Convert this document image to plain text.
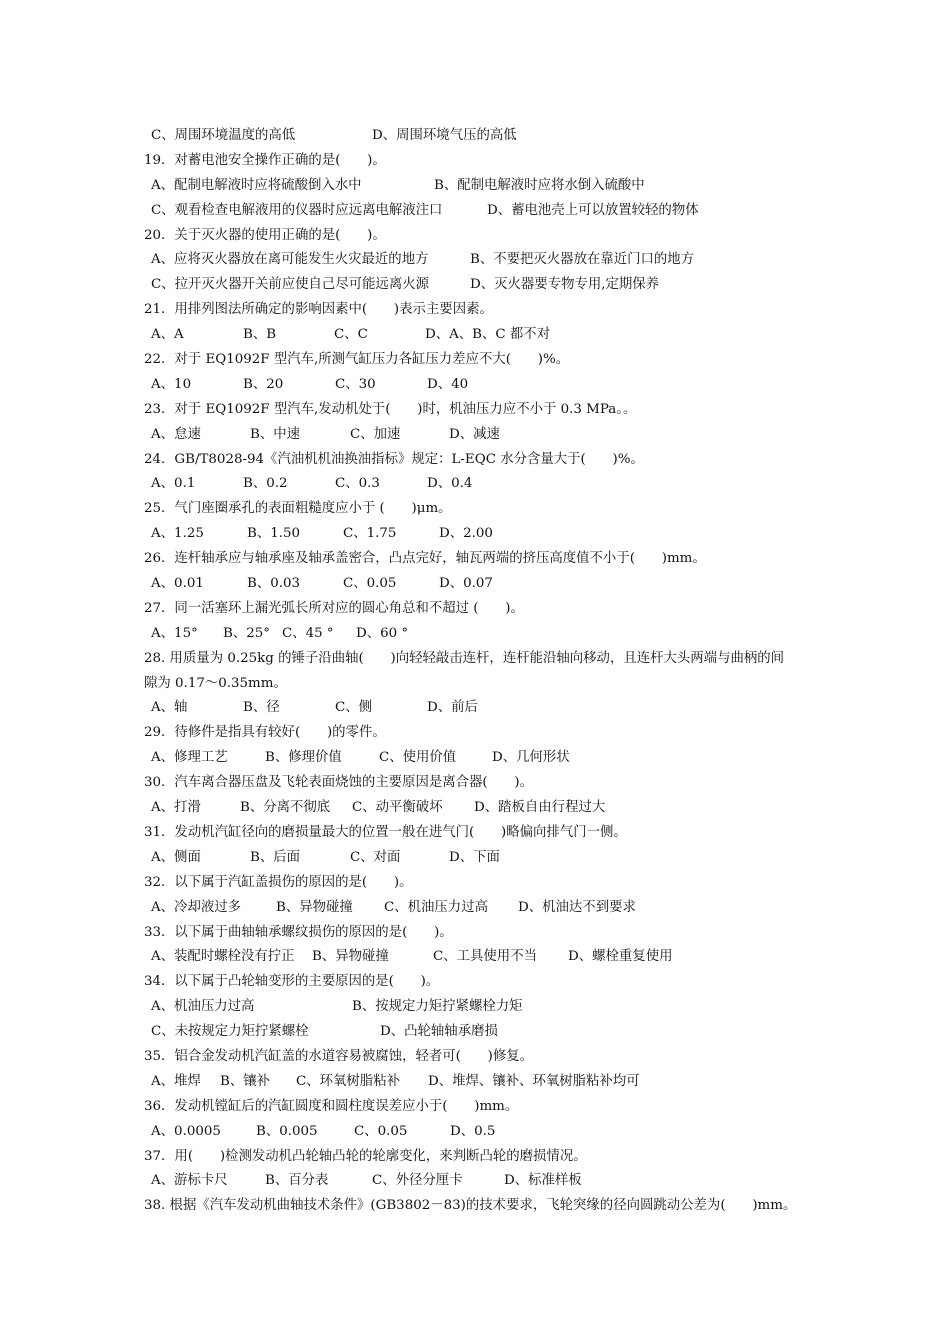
C、周围环境温度的高低	D、周围环境气压的高低
19．对蓄电池安全操作正确的是(　　)。
A、配制电解液时应将硫酸倒入水中	B、配制电解液时应将水倒入硫酸中
C、观看检查电解液用的仪器时应远离电解液注口	D、蓄电池壳上可以放置较轻的物体
20．关于灭火器的使用正确的是(　　)。
A、应将灭火器放在离可能发生火灾最近的地方	B、不要把灭火器放在靠近门口的地方
C、拉开灭火器开关前应使自己尽可能远离火源	D、灭火器要专物专用,定期保养
21．用排列图法所确定的影响因素中(　　)表示主要因素。
A、A	B、B	C、C	D、A、B、C 都不对
22．对于 EQ1092F 型汽车,所测气缸压力各缸压力差应不大(　　)%。
A、10	B、20	C、30	D、40
23．对于 EQ1092F 型汽车,发动机处于(　　)时，机油压力应不小于 0.3 MPa。。
A、怠速	B、中速	C、加速	D、减速
24．GB/T8028-94《汽油机机油换油指标》规定：L-EQC 水分含量大于(　　)%。
A、0.1	B、0.2	C、0.3	D、0.4
25．气门座圈承孔的表面粗糙度应小于 (　　)μm。
A、1.25	B、1.50	C、1.75	D、2.00
26．连杆轴承应与轴承座及轴承盖密合，凸点完好，轴瓦两端的挤压高度值不小于(　　)mm。
A、0.01	B、0.03	C、0.05	D、0.07
27．同一活塞环上漏光弧长所对应的圆心角总和不超过 (　　)。
A、15° B、25° C、45 ° D、60 °
28. 用质量为 0.25kg 的锤子沿曲轴(　　)向轻轻敲击连杆，连杆能沿轴向移动，且连杆大头两端与曲柄的间
隙为 0.17～0.35mm。
A、轴	B、径	C、侧	D、前后
29．待修件是指具有较好(　　)的零件。
A、修理工艺	B、修理价值	C、使用价值	D、几何形状
30．汽车离合器压盘及飞轮表面烧蚀的主要原因是离合器(　　)。
A、打滑	B、分离不彻底 C、动平衡破坏 D、踏板自由行程过大
31．发动机汽缸径向的磨损量最大的位置一般在进气门(　　)略偏向排气门一侧。
A、侧面	B、后面	C、对面	D、下面
32．以下属于汽缸盖损伤的原因的是(　　)。
A、冷却液过多	B、异物碰撞 C、机油压力过高 D、机油达不到要求
33．以下属于曲轴轴承螺纹损伤的原因的是(　　)。
A、装配时螺栓没有拧正 B、异物碰撞	C、工具使用不当 D、螺栓重复使用
34．以下属于凸轮轴变形的主要原因的是(　　)。
A、机油压力过高	B、按规定力矩拧紧螺栓力矩
C、未按规定力矩拧紧螺栓	D、凸轮轴轴承磨损
35．铝合金发动机汽缸盖的水道容易被腐蚀，轻者可(　　)修复。
A、堆焊 B、镶补 C、环氧树脂粘补 D、堆焊、镶补、环氧树脂粘补均可
36．发动机镗缸后的汽缸圆度和圆柱度误差应小于(　　)mm。
A、0.0005	B、0.005	C、0.05	D、0.5
37．用(　　)检测发动机凸轮轴凸轮的轮廓变化，来判断凸轮的磨损情况。
A、游标卡尺	B、百分表	C、外径分厘卡	D、标准样板
38. 根据《汽车发动机曲轴技术条件》(GB3802－83)的技术要求，飞轮突缘的径向圆跳动公差为(　　)mm。
